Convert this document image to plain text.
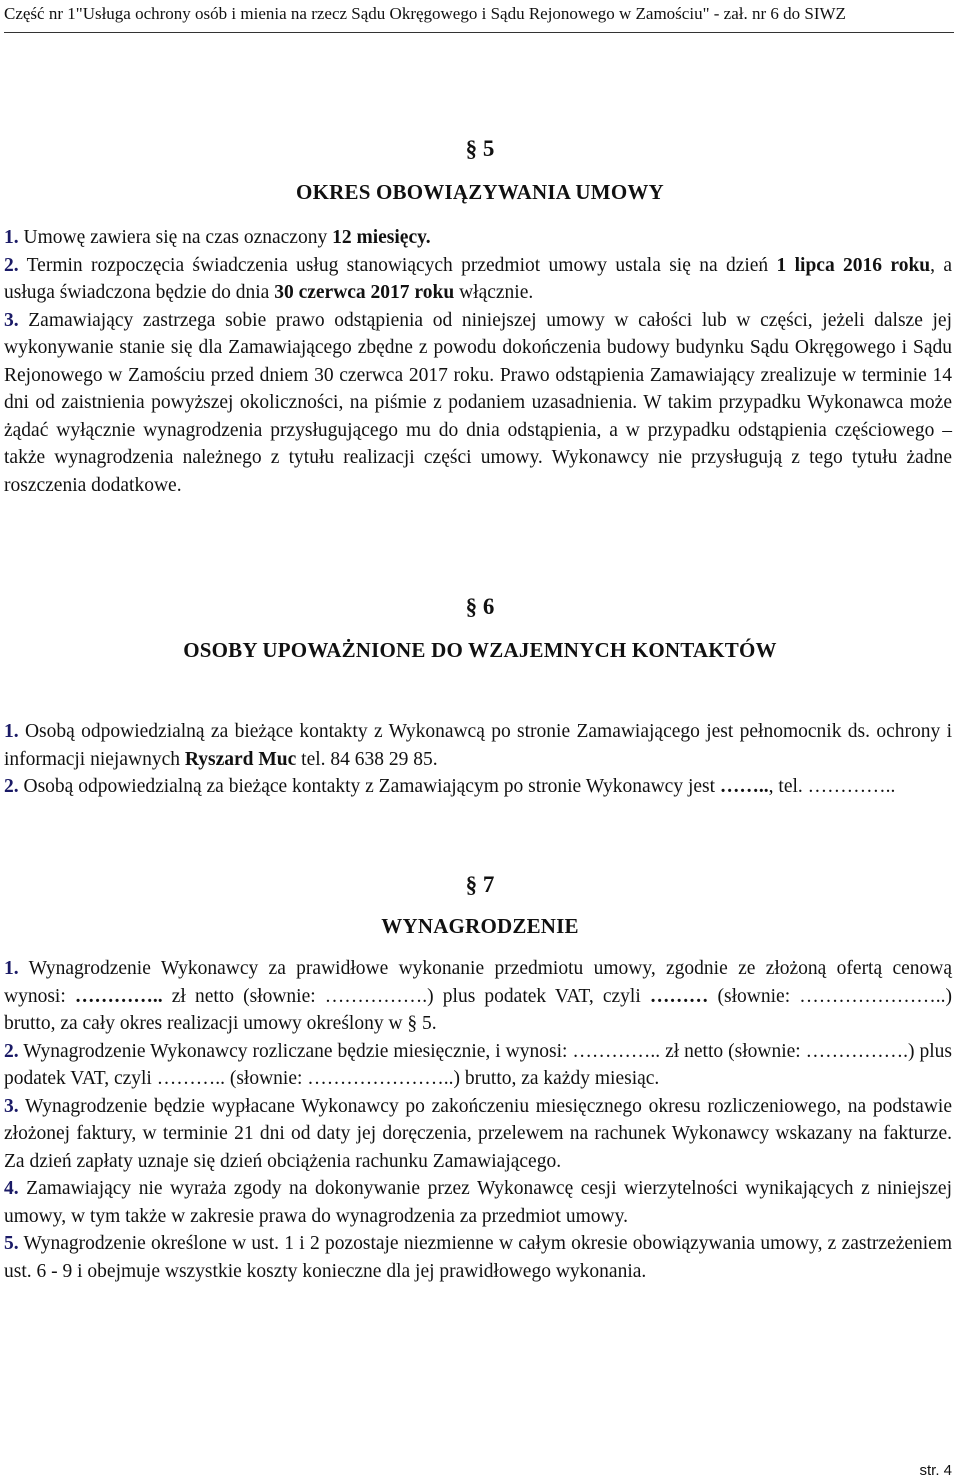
Część nr 1"Usługa ochrony osób i mienia na rzecz Sądu Okręgowego i Sądu Rejonowego w Zamościu" - zał. nr 6 do SIWZ
§ 5
OKRES OBOWIĄZYWANIA UMOWY

1. Umowę zawiera się na czas oznaczony 12 miesięcy.

2. Termin rozpoczęcia świadczenia usług stanowiących przedmiot umowy ustala się na dzień 1 lipca 2016 roku, a usługa świadczona będzie do dnia 30 czerwca 2017 roku włącznie.

3. Zamawiający zastrzega sobie prawo odstąpienia od niniejszej umowy w całości lub w części, jeżeli dalsze jej wykonywanie stanie się dla Zamawiającego zbędne z powodu dokończenia budowy budynku Sądu Okręgowego i Sądu Rejonowego w Zamościu przed dniem 30 czerwca 2017 roku. Prawo odstąpienia Zamawiający zrealizuje w terminie 14 dni od zaistnienia powyższej okoliczności, na piśmie z podaniem uzasadnienia. W takim przypadku Wykonawca może żądać wyłącznie wynagrodzenia przysługującego mu do dnia odstąpienia, a w przypadku odstąpienia częściowego – także wynagrodzenia należnego z tytułu realizacji części umowy. Wykonawcy nie przysługują z tego tytułu żadne roszczenia dodatkowe.

§ 6
OSOBY UPOWAŻNIONE DO WZAJEMNYCH KONTAKTÓW

1. Osobą odpowiedzialną za bieżące kontakty z Wykonawcą po stronie Zamawiającego jest pełnomocnik ds. ochrony i informacji niejawnych Ryszard Muc tel. 84 638 29 85.

2. Osobą odpowiedzialną za bieżące kontakty z Zamawiającym po stronie Wykonawcy jest …….., tel. …………..

§ 7
WYNAGRODZENIE

1. Wynagrodzenie Wykonawcy za prawidłowe wykonanie przedmiotu umowy, zgodnie ze złożoną ofertą cenową wynosi: ………….. zł netto (słownie: …………….) plus podatek VAT, czyli ……… (słownie: …………………..) brutto, za cały okres realizacji umowy określony w § 5.

2. Wynagrodzenie Wykonawcy rozliczane będzie miesięcznie, i wynosi: ………….. zł netto (słownie: …………….) plus podatek VAT, czyli ……….. (słownie: …………………..) brutto, za każdy miesiąc.

3. Wynagrodzenie będzie wypłacane Wykonawcy po zakończeniu miesięcznego okresu rozliczeniowego, na podstawie złożonej faktury, w terminie 21 dni od daty jej doręczenia, przelewem na rachunek Wykonawcy wskazany na fakturze. Za dzień zapłaty uznaje się dzień obciążenia rachunku Zamawiającego.

4. Zamawiający nie wyraża zgody na dokonywanie przez Wykonawcę cesji wierzytelności wynikających z niniejszej umowy, w tym także w zakresie prawa do wynagrodzenia za przedmiot umowy.

5. Wynagrodzenie określone w ust. 1 i 2 pozostaje niezmienne w całym okresie obowiązywania umowy, z zastrzeżeniem ust. 6 - 9 i obejmuje wszystkie koszty konieczne dla jej prawidłowego wykonania.

str. 4
